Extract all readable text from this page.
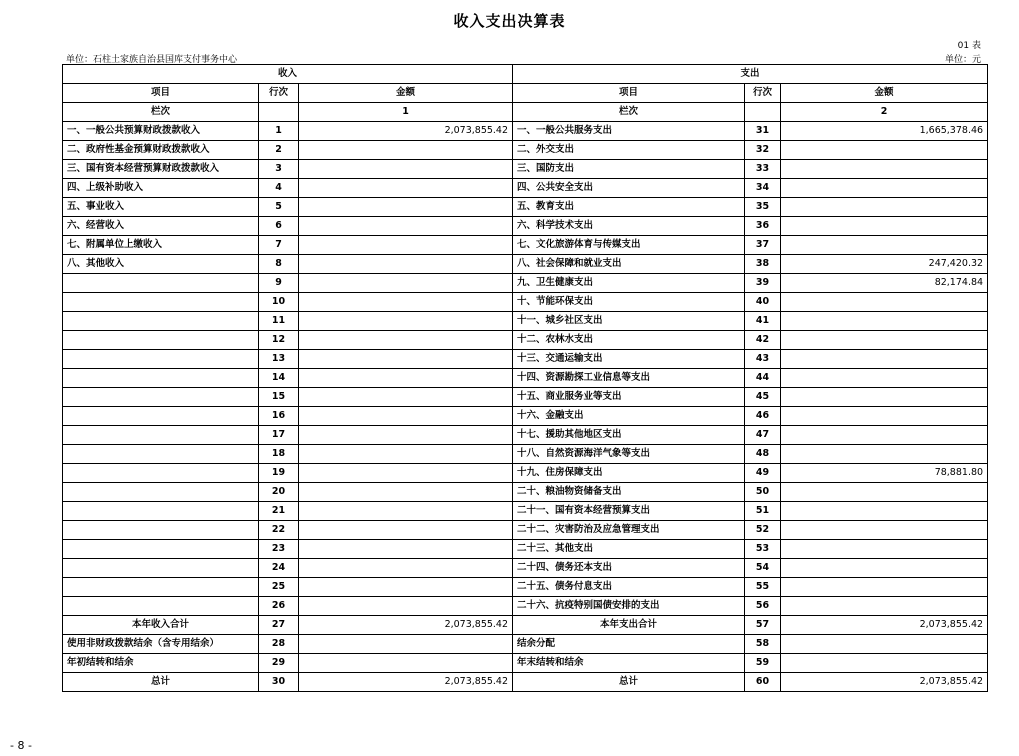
收入支出决算表
01 表
单位：石柱土家族自治县国库支付事务中心	单位：元
收入			支出		
项目	行次	金额	项目	行次	金额
栏次		1	栏次		2
一、一般公共预算财政拨款收入	1	2,073,855.42	一、一般公共服务支出	31	1,665,378.46
二、政府性基金预算财政拨款收入	2		二、外交支出	32	
三、国有资本经营预算财政拨款收入	3		三、国防支出	33	
四、上级补助收入	4		四、公共安全支出	34	
五、事业收入	5		五、教育支出	35	
六、经营收入	6		六、科学技术支出	36	
七、附属单位上缴收入	7		七、文化旅游体育与传媒支出	37	
八、其他收入	8		八、社会保障和就业支出	38	247,420.32
	9		九、卫生健康支出	39	82,174.84
	10		十、节能环保支出	40	
	11		十一、城乡社区支出	41	
	12		十二、农林水支出	42	
	13		十三、交通运输支出	43	
	14		十四、资源勘探工业信息等支出	44	
	15		十五、商业服务业等支出	45	
	16		十六、金融支出	46	
	17		十七、援助其他地区支出	47	
	18		十八、自然资源海洋气象等支出	48	
	19		十九、住房保障支出	49	78,881.80
	20		二十、粮油物资储备支出	50	
	21		二十一、国有资本经营预算支出	51	
	22		二十二、灾害防治及应急管理支出	52	
	23		二十三、其他支出	53	
	24		二十四、债务还本支出	54	
	25		二十五、债务付息支出	55	
	26		二十六、抗疫特别国债安排的支出	56	
本年收入合计	27	2,073,855.42	本年支出合计	57	2,073,855.42
使用非财政拨款结余（含专用结余）	28		结余分配	58	
年初结转和结余	29		年末结转和结余	59	
总计	30	2,073,855.42	总计	60	2,073,855.42
- 8 -
